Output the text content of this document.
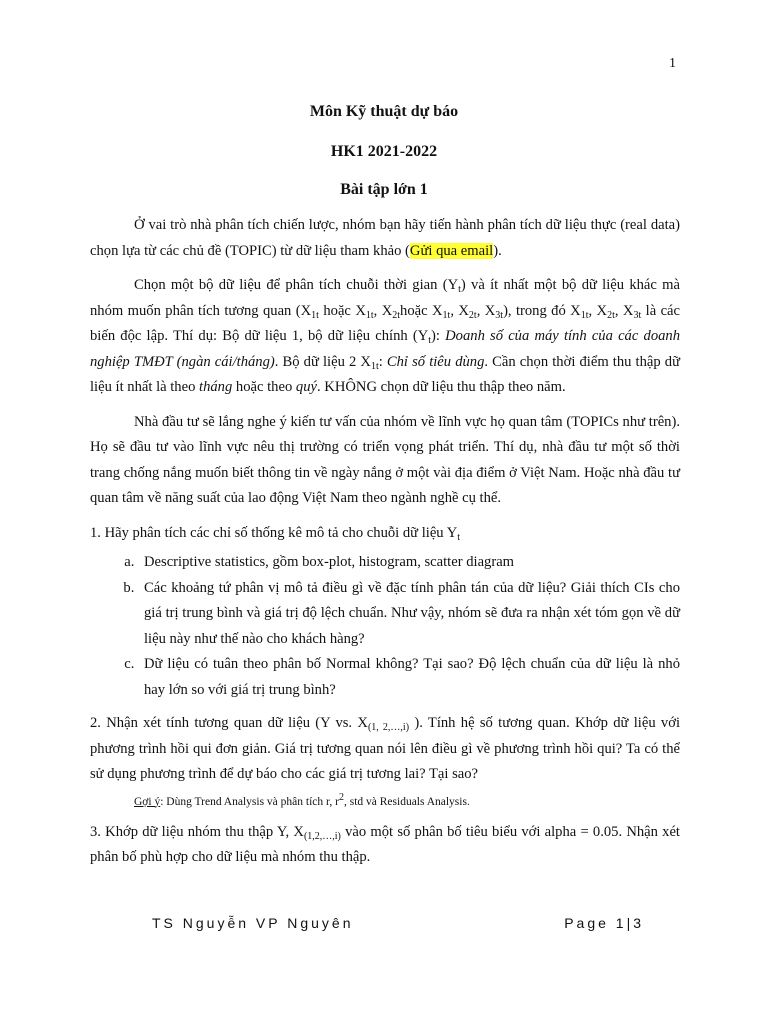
1
Môn Kỹ thuật dự báo
HK1 2021-2022
Bài tập lớn 1

Ở vai trò nhà phân tích chiến lược, nhóm bạn hãy tiến hành phân tích dữ liệu thực (real data) chọn lựa từ các chủ đề (TOPIC) từ dữ liệu tham khảo (Gửi qua email).

Chọn một bộ dữ liệu để phân tích chuỗi thời gian $(Y_t)$ và ít nhất một bộ dữ liệu khác mà nhóm muốn phân tích tương quan ($X_{1t}$ hoặc $X_{1t}$, $X_{2t}hoặc$ $X_{1t}$, $X_{2t}$, $X_{3t}$), trong đó $X_{1t}$, $X_{2t}$, $X_{3t}$ là các biến độc lập. Thí dụ: Bộ dữ liệu 1, bộ dữ liệu chính $(Y_t)$: Doanh số của máy tính của các doanh nghiệp TMĐT (ngàn cái/tháng). Bộ dữ liệu 2 $X_{1t}$: Chỉ số tiêu dùng. Cần chọn thời điểm thu thập dữ liệu ít nhất là theo tháng hoặc theo quý. KHÔNG chọn dữ liệu thu thập theo năm.

Nhà đầu tư sẽ lắng nghe ý kiến tư vấn của nhóm về lĩnh vực họ quan tâm (TOPICs như trên). Họ sẽ đầu tư vào lĩnh vực nêu thị trường có triển vọng phát triển. Thí dụ, nhà đầu tư một số thời trang chống nắng muốn biết thông tin về ngày nắng ở một vài địa điểm ở Việt Nam. Hoặc nhà đầu tư quan tâm về năng suất của lao động Việt Nam theo ngành nghề cụ thể.

1. Hãy phân tích các chỉ số thống kê mô tả cho chuỗi dữ liệu $Y_t$

a. Descriptive statistics, gồm box-plot, histogram, scatter diagram
b. Các khoảng tứ phân vị mô tả điều gì về đặc tính phân tán của dữ liệu? Giải thích CIs cho giá trị trung bình và giá trị độ lệch chuẩn. Như vậy, nhóm sẽ đưa ra nhận xét tóm gọn về dữ liệu này như thế nào cho khách hàng?
c. Dữ liệu có tuân theo phân bố Normal không? Tại sao? Độ lệch chuẩn của dữ liệu là nhỏ hay lớn so với giá trị trung bình?

2. Nhận xét tính tương quan dữ liệu (Y vs. $X_{(1, 2,\dots,i)}$ ). Tính hệ số tương quan. Khớp dữ liệu với phương trình hồi qui đơn giản. Giá trị tương quan nói lên điều gì về phương trình hồi qui? Ta có thể sử dụng phương trình để dự báo cho các giá trị tương lai? Tại sao?

Gợi ý: Dùng Trend Analysis và phân tích r, $r^2$, std và Residuals Analysis.

3. Khớp dữ liệu nhóm thu thập Y, $X_{(1,2,\dots,i)}$ vào một số phân bố tiêu biểu với alpha = 0.05. Nhận xét phân bố phù hợp cho dữ liệu mà nhóm thu thập.

TS Nguyễn VP Nguyên	Page 1|3
